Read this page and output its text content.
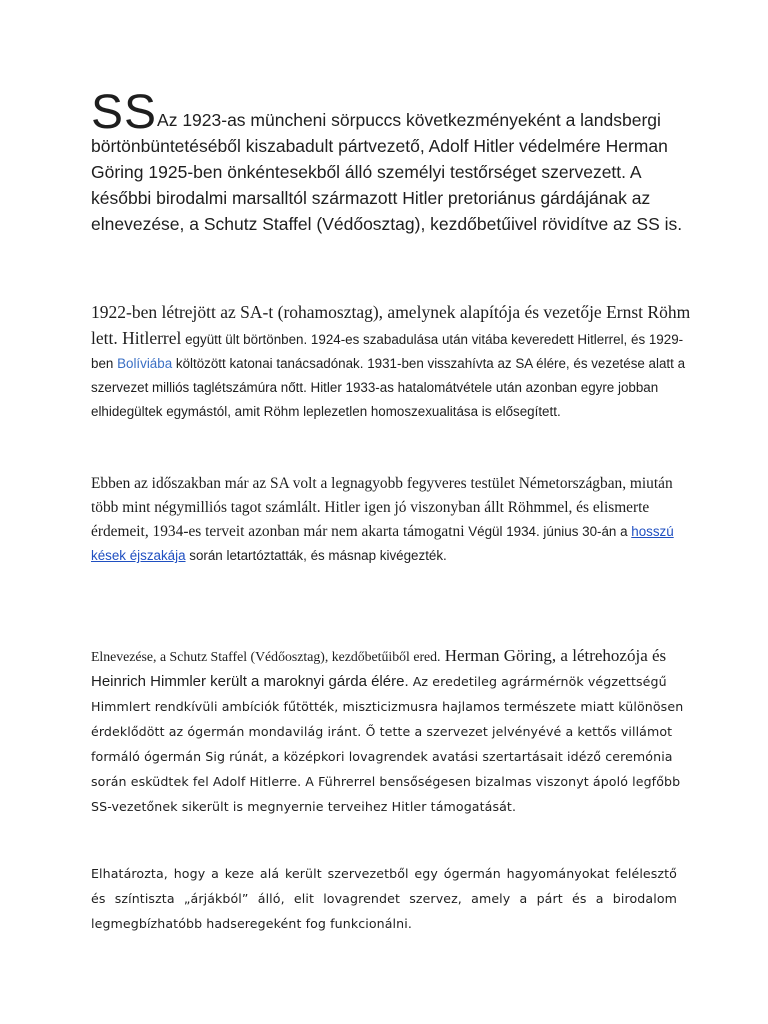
SSAz 1923-as müncheni sörpuccs következményeként a landsbergi börtönbüntetéséből kiszabadult pártvezető, Adolf Hitler védelmére Herman Göring 1925-ben önkéntesekből álló személyi testőrséget szervezett. A későbbi birodalmi marsalltól származott Hitler pretoriánus gárdájának az elnevezése, a Schutz Staffel (Védőosztag), kezdőbetűivel rövidítve az SS is.

1922-ben létrejött az SA-t (rohamosztag), amelynek alapítója és vezetője Ernst Röhm lett. Hitlerrel együtt ült börtönben. 1924-es szabadulása után vitába keveredett Hitlerrel, és 1929-ben Bolíviába költözött katonai tanácsadónak. 1931-ben visszahívta az SA élére, és vezetése alatt a szervezet milliós taglétszámúra nőtt. Hitler 1933-as hatalomátvétele után azonban egyre jobban elhidegültek egymástól, amit Röhm leplezetlen homoszexualitása is elősegített.

Ebben az időszakban már az SA volt a legnagyobb fegyveres testület Németországban, miután több mint négymilliós tagot számlált. Hitler igen jó viszonyban állt Röhmmel, és elismerte érdemeit, 1934-es terveit azonban már nem akarta támogatni Végül 1934. június 30-án a hosszú kések éjszakája során letartóztatták, és másnap kivégezték.

Elnevezése, a Schutz Staffel (Védőosztag), kezdőbetűiből ered. Herman Göring, a létrehozója és Heinrich Himmler került a maroknyi gárda élére. Az eredetileg agrármérnök végzettségű Himmlert rendkívüli ambíciók fűtötték, miszticizmusra hajlamos természete miatt különösen érdeklődött az ógermán mondavilág iránt. Ő tette a szervezet jelvényévé a kettős villámot formáló ógermán Sig rúnát, a középkori lovagrendek avatási szertartásait idéző ceremónia során esküdtek fel Adolf Hitlerre. A Führerrel bensőségesen bizalmas viszonyt ápoló legfőbb SS-vezetőnek sikerült is megnyernie terveihez Hitler támogatását.

Elhatározta, hogy a keze alá került szervezetből egy ógermán hagyományokat felélesztő és színtiszta „árjákból” álló, elit lovagrendet szervez, amely a párt és a birodalom legmegbízhatóbb hadseregeként fog funkcionálni.
